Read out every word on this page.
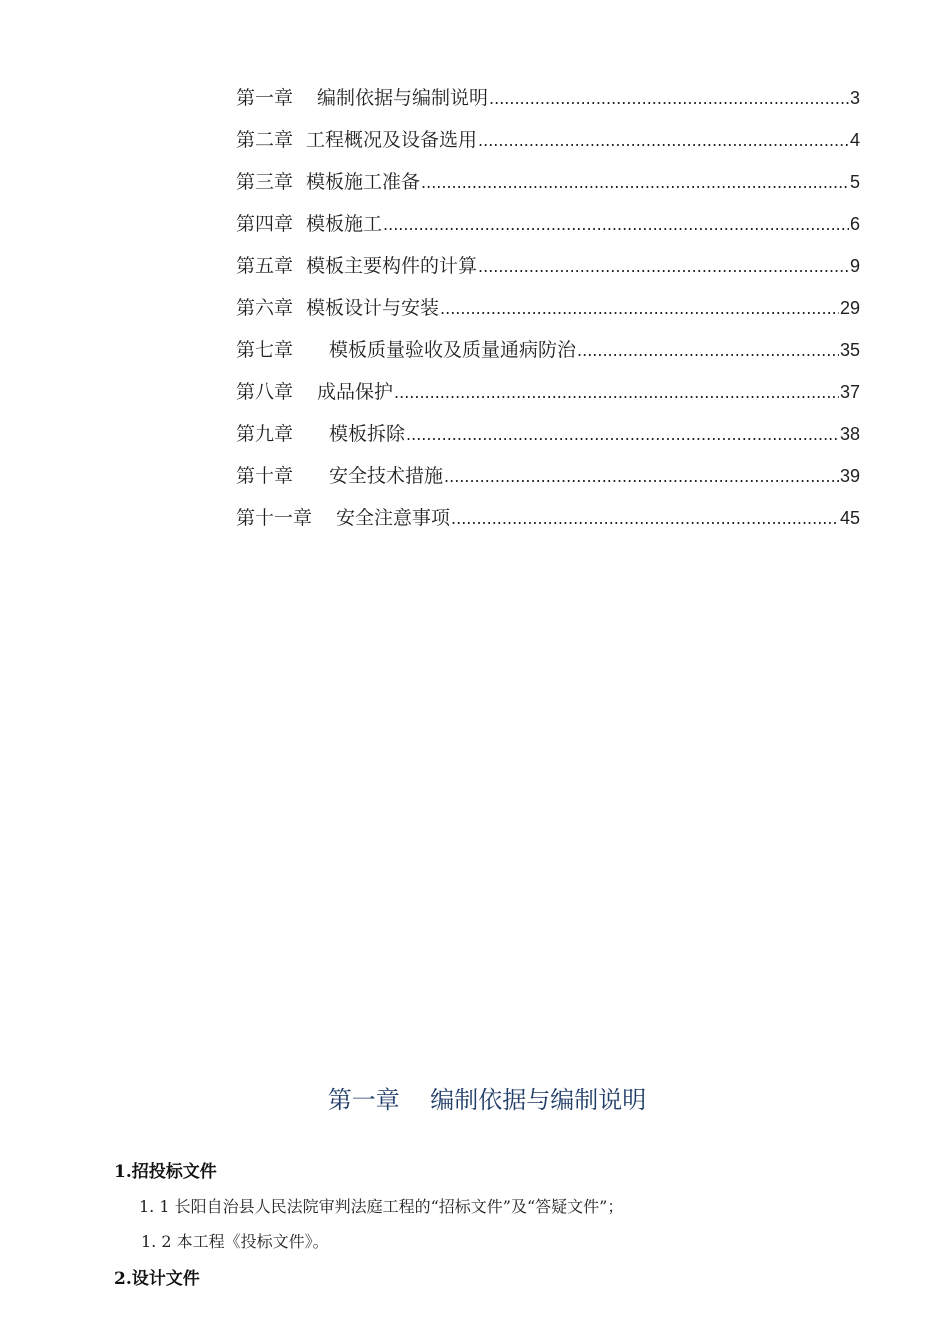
第一章 编制依据与编制说明 .....	3
第二章 工程概况及设备选用 .....	4
第三章 模板施工准备 .....	5
第四章 模板施工 .....	6
第五章 模板主要构件的计算 .....	9
第六章 模板设计与安装 .....	29
第七章 模板质量验收及质量通病防治 .....	35
第八章 成品保护 .....	37
第九章 模板拆除 .....	38
第十章 安全技术措施 .....	39
第十一章 安全注意事项 .....	45
第一章 编制依据与编制说明
1.招投标文件
1. 1 长阳自治县人民法院审判法庭工程的“招标文件”及“答疑文件”；
1. 2 本工程《投标文件》。
2.设计文件
